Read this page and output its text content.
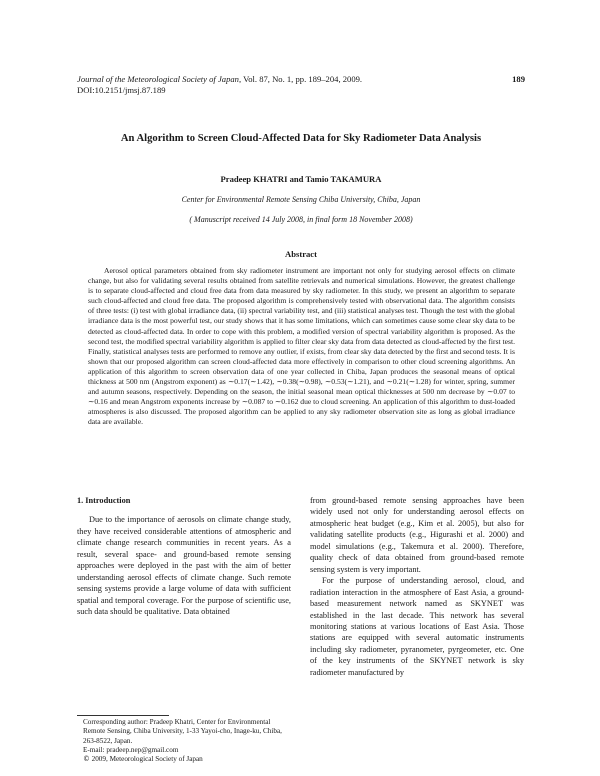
Journal of the Meteorological Society of Japan, Vol. 87, No. 1, pp. 189–204, 2009.	189
DOI:10.2151/jmsj.87.189
An Algorithm to Screen Cloud-Affected Data for Sky Radiometer Data Analysis
Pradeep KHATRI and Tamio TAKAMURA
Center for Environmental Remote Sensing Chiba University, Chiba, Japan
( Manuscript received 14 July 2008, in final form 18 November 2008)
Abstract

Aerosol optical parameters obtained from sky radiometer instrument are important not only for studying aerosol effects on climate change, but also for validating several results obtained from satellite retrievals and numerical simulations. However, the greatest challenge is to separate cloud-affected and cloud free data from data measured by sky radiometer. In this study, we present an algorithm to separate such cloud-affected and cloud free data. The proposed algorithm is comprehensively tested with observational data. The algorithm consists of three tests: (i) test with global irradiance data, (ii) spectral variability test, and (iii) statistical analyses test. Though the test with the global irradiance data is the most powerful test, our study shows that it has some limitations, which can sometimes cause some clear sky data to be detected as cloud-affected data. In order to cope with this problem, a modified version of spectral variability algorithm is proposed. As the second test, the modified spectral variability algorithm is applied to filter clear sky data from data detected as cloud-affected by the first test. Finally, statistical analyses tests are performed to remove any outlier, if exists, from clear sky data detected by the first and second tests. It is shown that our proposed algorithm can screen cloud-affected data more effectively in comparison to other cloud screening algorithms. An application of this algorithm to screen observation data of one year collected in Chiba, Japan produces the seasonal means of optical thickness at 500 nm (Angstrom exponent) as ∼0.17(∼1.42), ∼0.38(∼0.98), ∼0.53(∼1.21), and ∼0.21(∼1.28) for winter, spring, summer and autumn seasons, respectively. Depending on the season, the initial seasonal mean optical thicknesses at 500 nm decrease by ∼0.07 to ∼0.16 and mean Angstrom exponents increase by ∼0.087 to ∼0.162 due to cloud screening. An application of this algorithm to dust-loaded atmospheres is also discussed. The proposed algorithm can be applied to any sky radiometer observation site as long as global irradiance data are available.

1. Introduction

Due to the importance of aerosols on climate change study, they have received considerable attentions of atmospheric and climate change research communities in recent years. As a result, several space- and ground-based remote sensing approaches were deployed in the past with the aim of better understanding aerosol effects of climate change. Such remote sensing systems provide a large volume of data with sufficient spatial and temporal coverage. For the purpose of scientific use, such data should be qualitative. Data obtained

from ground-based remote sensing approaches have been widely used not only for understanding aerosol effects on atmospheric heat budget (e.g., Kim et al. 2005), but also for validating satellite products (e.g., Higurashi et al. 2000) and model simulations (e.g., Takemura et al. 2000). Therefore, quality check of data obtained from ground-based remote sensing system is very important.

For the purpose of understanding aerosol, cloud, and radiation interaction in the atmosphere of East Asia, a ground-based measurement network named as SKYNET was established in the last decade. This network has several monitoring stations at various locations of East Asia. Those stations are equipped with several automatic instruments including sky radiometer, pyranometer, pyrgeometer, etc. One of the key instruments of the SKYNET network is sky radiometer manufactured by

Corresponding author: Pradeep Khatri, Center for Environmental Remote Sensing, Chiba University, 1-33 Yayoi-cho, Inage-ku, Chiba, 263-8522, Japan.
E-mail: pradeep.nep@gmail.com
© 2009, Meteorological Society of Japan
